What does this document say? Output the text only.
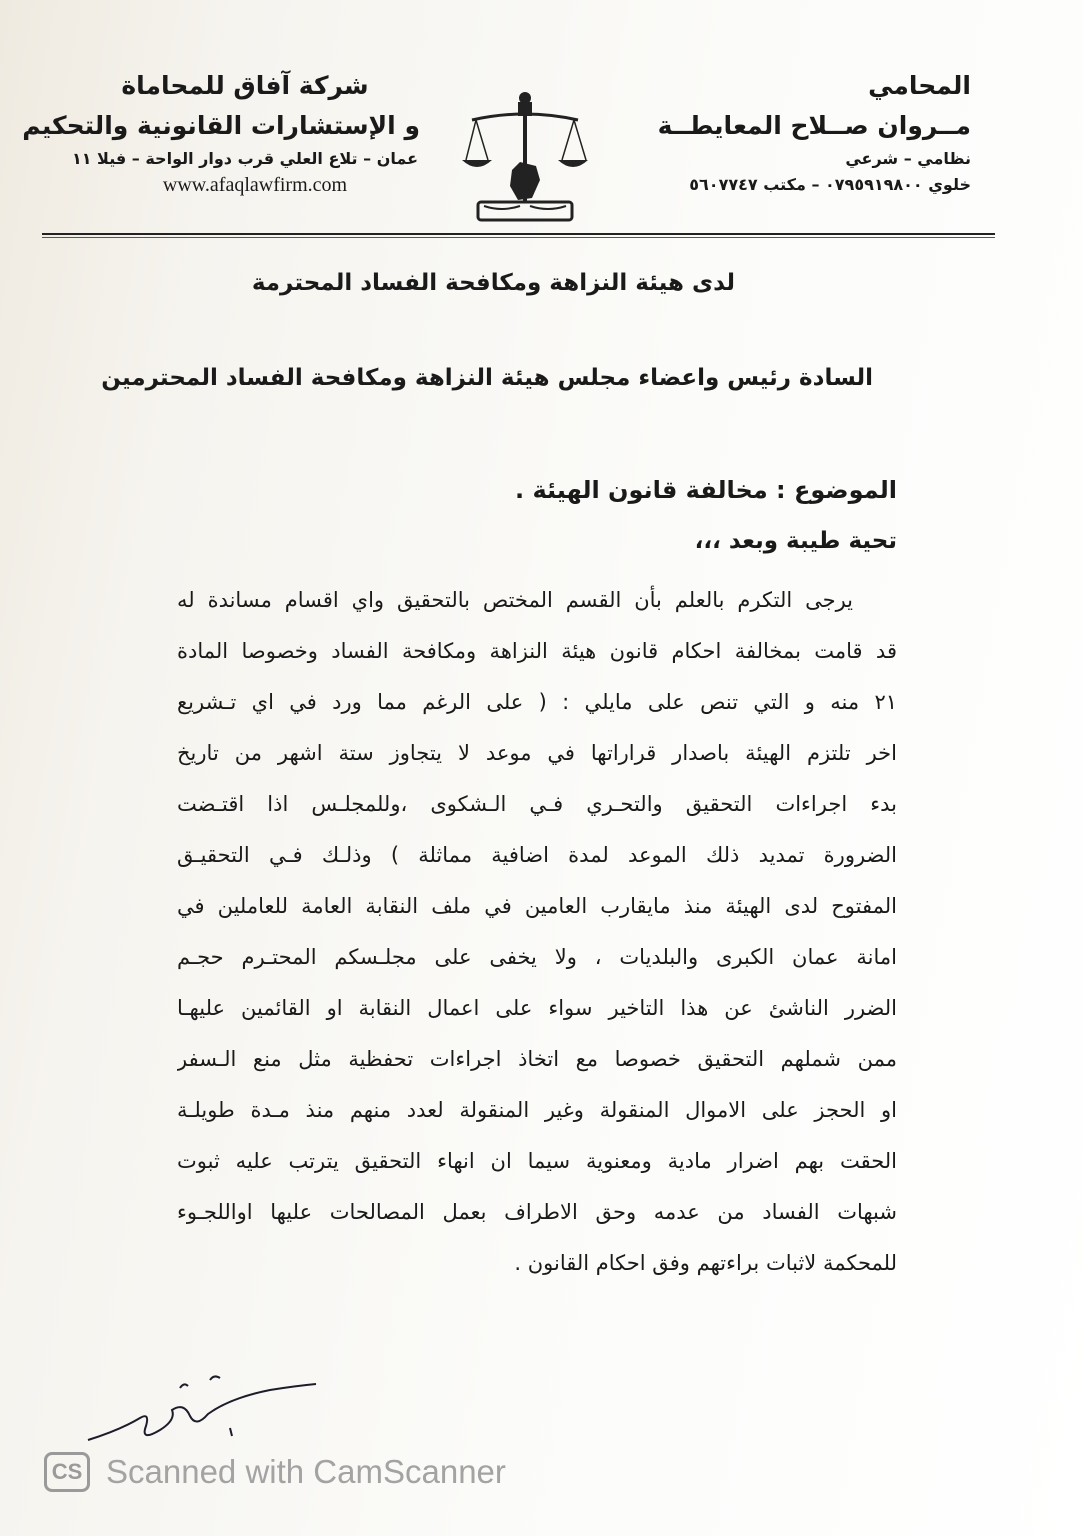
المحامي
مــروان صــلاح المعايطــة
نظامي – شرعي
خلوي ٠٧٩٥٩١٩٨٠٠ – مكتب ٥٦٠٧٧٤٧
شركة آفاق للمحاماة
و الإستشارات القانونية والتحكيم
عمان – تلاع العلي قرب دوار الواحة – فيلا ١١
www.afaqlawfirm.com
لدى هيئة النزاهة ومكافحة الفساد المحترمة
السادة رئيس واعضاء مجلس هيئة النزاهة ومكافحة الفساد المحترمين
الموضوع : مخالفة قانون الهيئة .
تحية طيبة وبعد ،،،
يرجى التكرم بالعلم بأن القسم المختص بالتحقيق واي اقسام مساندة له
قد قامت بمخالفة احكام قانون هيئة النزاهة ومكافحة الفساد وخصوصا المادة
٢١ منه و التي تنص على مايلي : ( على الرغم مما ورد في اي تـشريع
اخر تلتزم الهيئة باصدار قراراتها في موعد لا يتجاوز ستة اشهر من تاريخ
بدء اجراءات التحقيق والتحـري فـي الـشكوى ،وللمجلـس اذا اقتـضت
الضرورة تمديد ذلك الموعد لمدة اضافية مماثلة ) وذلـك فـي التحقيـق
المفتوح لدى الهيئة منذ مايقارب العامين في ملف النقابة العامة للعاملين في
امانة عمان الكبرى والبلديات ، ولا يخفى على مجلـسكم المحتـرم حجـم
الضرر الناشئ عن هذا التاخير سواء على اعمال النقابة او القائمين عليهـا
ممن شملهم التحقيق خصوصا مع اتخاذ اجراءات تحفظية مثل منع الـسفر
او الحجز على الاموال المنقولة وغير المنقولة لعدد منهم منذ مـدة طويلـة
الحقت بهم اضرار مادية ومعنوية سيما ان انهاء التحقيق يترتب عليه ثبوت
شبهات الفساد من عدمه وحق الاطراف بعمل المصالحات عليها اواللجـوء
للمحكمة لاثبات براءتهم وفق احكام القانون .
CS Scanned with CamScanner
